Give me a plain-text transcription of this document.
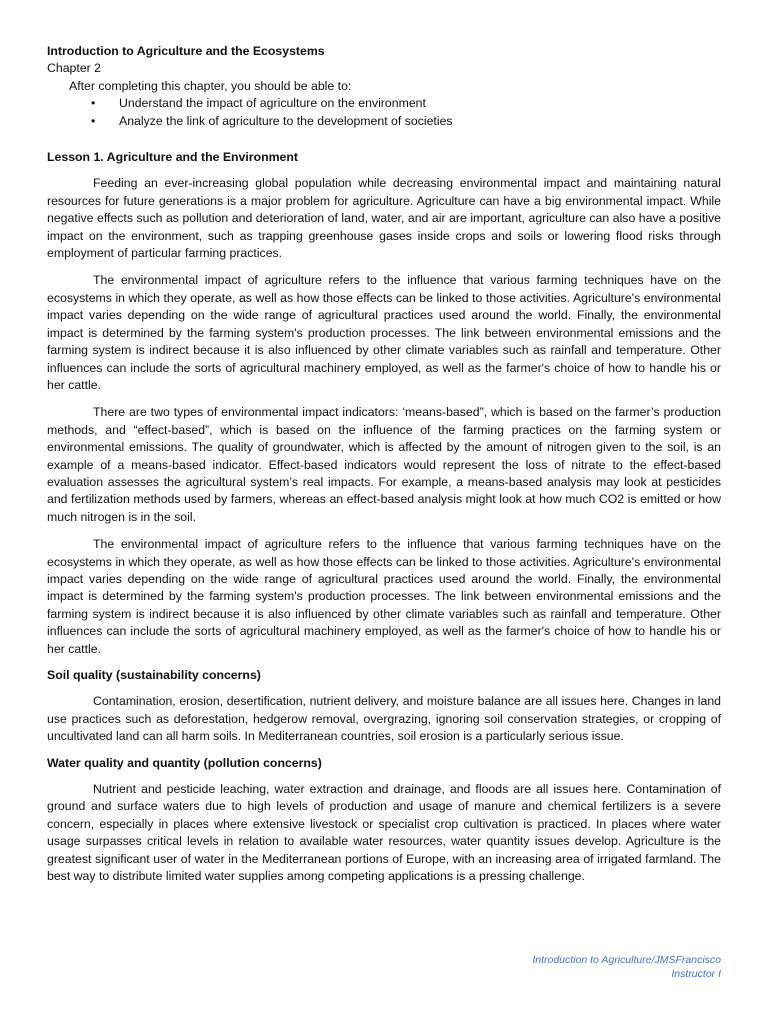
Introduction to Agriculture and the Ecosystems

Chapter 2

After completing this chapter, you should be able to:

• Understand the impact of agriculture on the environment
• Analyze the link of agriculture to the development of societies

Lesson 1. Agriculture and the Environment

Feeding an ever-increasing global population while decreasing environmental impact and maintaining natural resources for future generations is a major problem for agriculture. Agriculture can have a big environmental impact. While negative effects such as pollution and deterioration of land, water, and air are important, agriculture can also have a positive impact on the environment, such as trapping greenhouse gases inside crops and soils or lowering flood risks through employment of particular farming practices.

The environmental impact of agriculture refers to the influence that various farming techniques have on the ecosystems in which they operate, as well as how those effects can be linked to those activities. Agriculture's environmental impact varies depending on the wide range of agricultural practices used around the world. Finally, the environmental impact is determined by the farming system's production processes. The link between environmental emissions and the farming system is indirect because it is also influenced by other climate variables such as rainfall and temperature. Other influences can include the sorts of agricultural machinery employed, as well as the farmer's choice of how to handle his or her cattle.

There are two types of environmental impact indicators: ‘means-based”, which is based on the farmer’s production methods, and “effect-based”, which is based on the influence of the farming practices on the farming system or environmental emissions. The quality of groundwater, which is affected by the amount of nitrogen given to the soil, is an example of a means-based indicator. Effect-based indicators would represent the loss of nitrate to the effect-based evaluation assesses the agricultural system’s real impacts. For example, a means-based analysis may look at pesticides and fertilization methods used by farmers, whereas an effect-based analysis might look at how much CO2 is emitted or how much nitrogen is in the soil.

The environmental impact of agriculture refers to the influence that various farming techniques have on the ecosystems in which they operate, as well as how those effects can be linked to those activities. Agriculture's environmental impact varies depending on the wide range of agricultural practices used around the world. Finally, the environmental impact is determined by the farming system's production processes. The link between environmental emissions and the farming system is indirect because it is also influenced by other climate variables such as rainfall and temperature. Other influences can include the sorts of agricultural machinery employed, as well as the farmer's choice of how to handle his or her cattle.

Soil quality (sustainability concerns)

Contamination, erosion, desertification, nutrient delivery, and moisture balance are all issues here. Changes in land use practices such as deforestation, hedgerow removal, overgrazing, ignoring soil conservation strategies, or cropping of uncultivated land can all harm soils. In Mediterranean countries, soil erosion is a particularly serious issue.

Water quality and quantity (pollution concerns)

Nutrient and pesticide leaching, water extraction and drainage, and floods are all issues here. Contamination of ground and surface waters due to high levels of production and usage of manure and chemical fertilizers is a severe concern, especially in places where extensive livestock or specialist crop cultivation is practiced. In places where water usage surpasses critical levels in relation to available water resources, water quantity issues develop. Agriculture is the greatest significant user of water in the Mediterranean portions of Europe, with an increasing area of irrigated farmland. The best way to distribute limited water supplies among competing applications is a pressing challenge.

Introduction to Agriculture/JMSFrancisco
Instructor I
